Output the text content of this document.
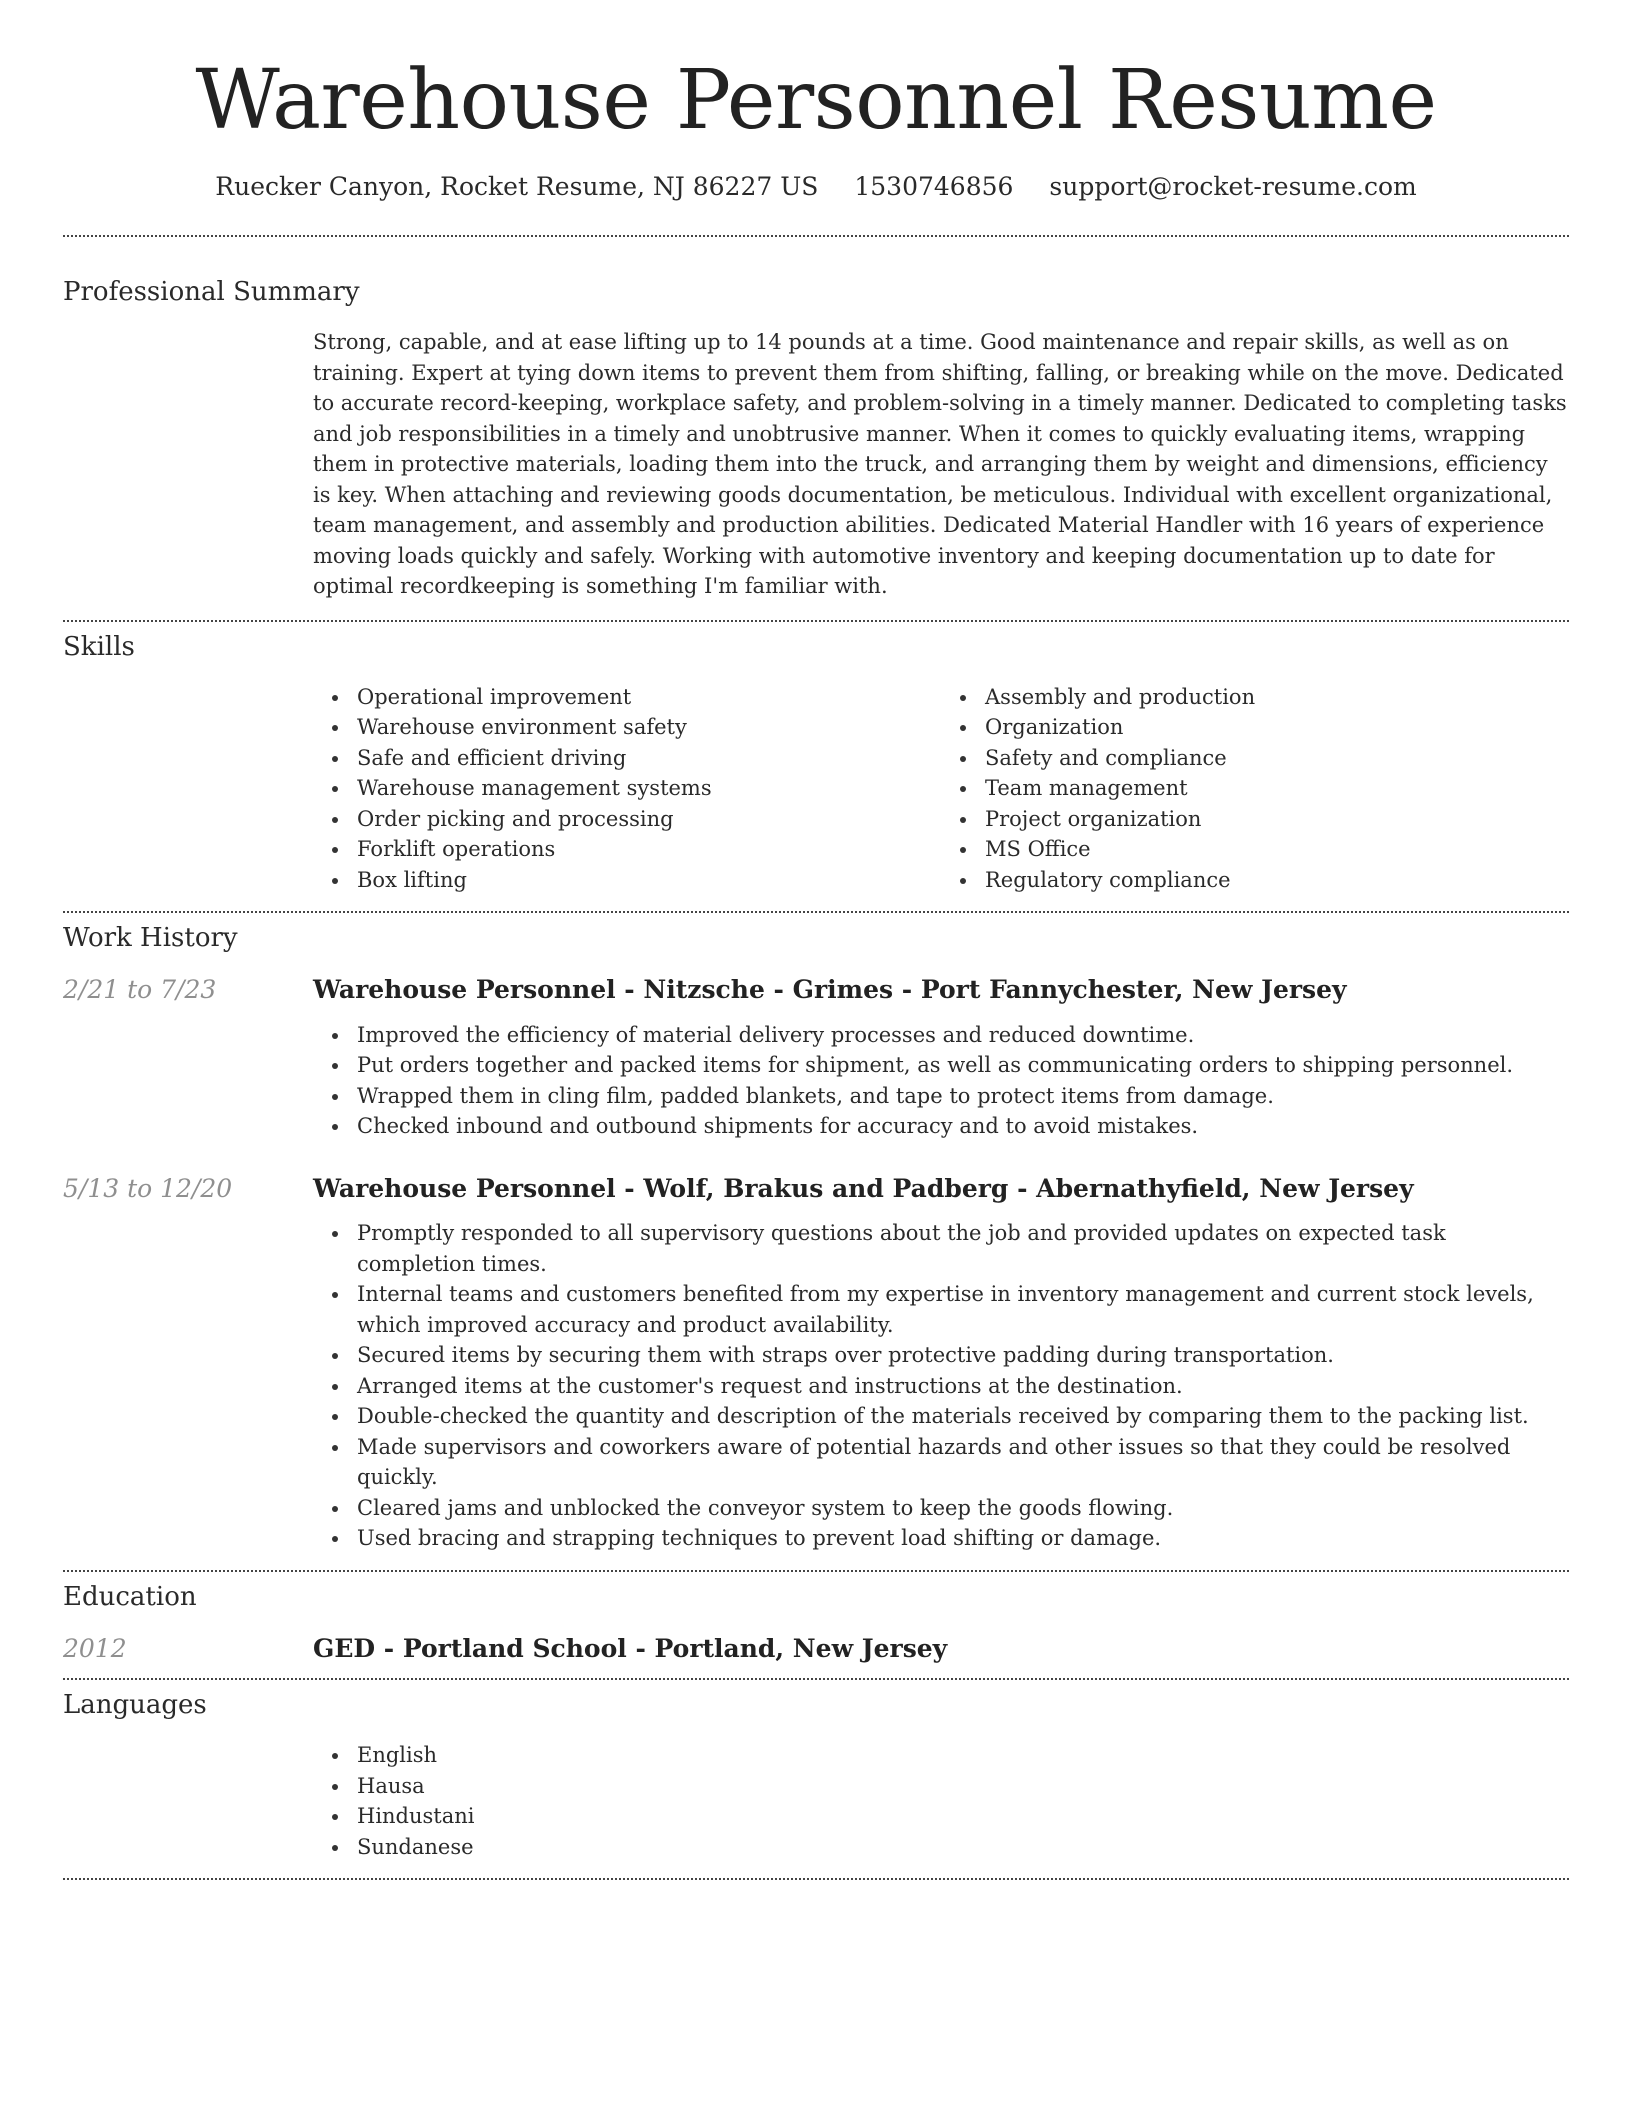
Warehouse Personnel Resume
Ruecker Canyon, Rocket Resume, NJ 86227 US 1530746856 support@rocket-resume.com
Professional Summary

Strong, capable, and at ease lifting up to 14 pounds at a time. Good maintenance and repair skills, as well as on training. Expert at tying down items to prevent them from shifting, falling, or breaking while on the move. Dedicated to accurate record-keeping, workplace safety, and problem-solving in a timely manner. Dedicated to completing tasks and job responsibilities in a timely and unobtrusive manner. When it comes to quickly evaluating items, wrapping them in protective materials, loading them into the truck, and arranging them by weight and dimensions, efficiency is key. When attaching and reviewing goods documentation, be meticulous. Individual with excellent organizational, team management, and assembly and production abilities. Dedicated Material Handler with 16 years of experience moving loads quickly and safely. Working with automotive inventory and keeping documentation up to date for optimal recordkeeping is something I'm familiar with.

Skills
Operational improvement
Warehouse environment safety
Safe and efficient driving
Warehouse management systems
Order picking and processing
Forklift operations
Box lifting
Assembly and production
Organization
Safety and compliance
Team management
Project organization
MS Office
Regulatory compliance
Work History
2/21 to 7/23	Warehouse Personnel - Nitzsche - Grimes - Port Fannychester, New Jersey
Improved the efficiency of material delivery processes and reduced downtime.
Put orders together and packed items for shipment, as well as communicating orders to shipping personnel.
Wrapped them in cling film, padded blankets, and tape to protect items from damage.
Checked inbound and outbound shipments for accuracy and to avoid mistakes.
5/13 to 12/20	Warehouse Personnel - Wolf, Brakus and Padberg - Abernathyfield, New Jersey
Promptly responded to all supervisory questions about the job and provided updates on expected task completion times.
Internal teams and customers benefited from my expertise in inventory management and current stock levels, which improved accuracy and product availability.
Secured items by securing them with straps over protective padding during transportation.
Arranged items at the customer's request and instructions at the destination.
Double-checked the quantity and description of the materials received by comparing them to the packing list.
Made supervisors and coworkers aware of potential hazards and other issues so that they could be resolved quickly.
Cleared jams and unblocked the conveyor system to keep the goods flowing.
Used bracing and strapping techniques to prevent load shifting or damage.
Education
2012	GED - Portland School - Portland, New Jersey
Languages
English
Hausa
Hindustani
Sundanese
